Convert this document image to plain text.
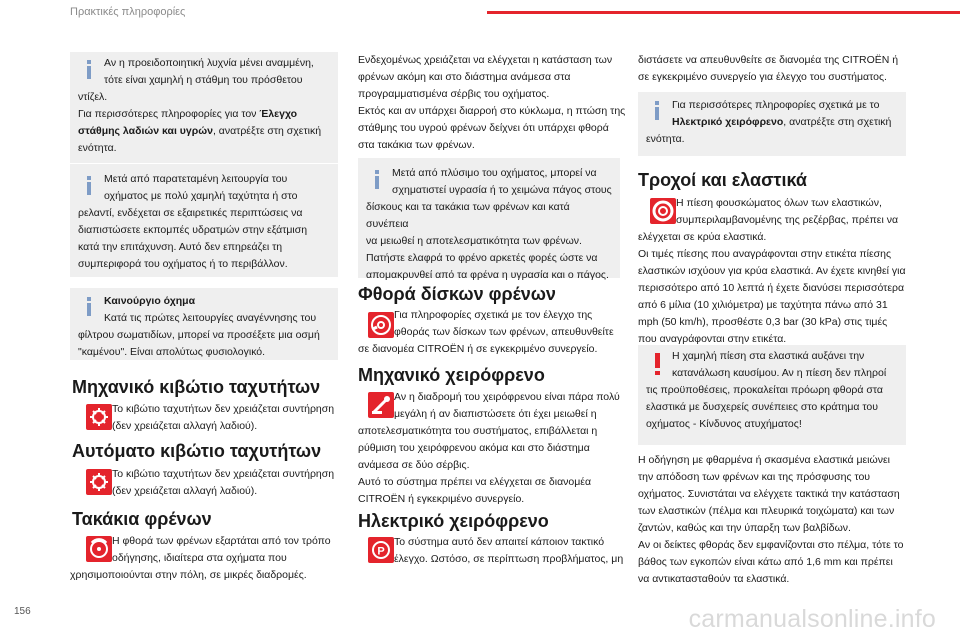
Πρακτικές πληροφορίες
156
Αν η προειδοποιητική λυχνία μένει αναμμένη,
τότε είναι χαμηλή η στάθμη του πρόσθετου
ντίζελ.
Για περισσότερες πληροφορίες για τον Έλεγχο
στάθμης λαδιών και υγρών, ανατρέξτε στη σχετική
ενότητα.
Μετά από παρατεταμένη λειτουργία του
οχήματος με πολύ χαμηλή ταχύτητα ή στο
ρελαντί, ενδέχεται σε εξαιρετικές περιπτώσεις να
διαπιστώσετε εκπομπές υδρατμών στην εξάτμιση
κατά την επιτάχυνση. Αυτό δεν επηρεάζει τη
συμπεριφορά του οχήματος ή το περιβάλλον.
Καινούργιο όχημα
Κατά τις πρώτες λειτουργίες αναγέννησης του
φίλτρου σωματιδίων, μπορεί να προσέξετε μια οσμή
"καμένου". Είναι απολύτως φυσιολογικό.
Μηχανικό κιβώτιο ταχυτήτων
Το κιβώτιο ταχυτήτων δεν χρειάζεται συντήρηση
(δεν χρειάζεται αλλαγή λαδιού).
Αυτόματο κιβώτιο ταχυτήτων
Το κιβώτιο ταχυτήτων δεν χρειάζεται συντήρηση
(δεν χρειάζεται αλλαγή λαδιού).
Τακάκια φρένων
Η φθορά των φρένων εξαρτάται από τον τρόπο
οδήγησης, ιδιαίτερα στα οχήματα που
χρησιμοποιούνται στην πόλη, σε μικρές διαδρομές.
Ενδεχομένως χρειάζεται να ελέγχεται η κατάσταση των
φρένων ακόμη και στο διάστημα ανάμεσα στα
προγραμματισμένα σέρβις του οχήματος.
Εκτός και αν υπάρχει διαρροή στο κύκλωμα, η πτώση της
στάθμης του υγρού φρένων δείχνει ότι υπάρχει φθορά
στα τακάκια των φρένων.
Μετά από πλύσιμο του οχήματος, μπορεί να
σχηματιστεί υγρασία ή το χειμώνα πάγος στους
δίσκους και τα τακάκια των φρένων και κατά συνέπεια
να μειωθεί η αποτελεσματικότητα των φρένων.
Πατήστε ελαφρά το φρένο αρκετές φορές ώστε να
απομακρυνθεί από τα φρένα η υγρασία και ο πάγος.
Φθορά δίσκων φρένων
Για πληροφορίες σχετικά με τον έλεγχο της
φθοράς των δίσκων των φρένων, απευθυνθείτε
σε διανομέα CITROËN ή σε εγκεκριμένο συνεργείο.
Μηχανικό χειρόφρενο
Αν η διαδρομή του χειρόφρενου είναι πάρα πολύ
μεγάλη ή αν διαπιστώσετε ότι έχει μειωθεί η
αποτελεσματικότητα του συστήματος, επιβάλλεται η
ρύθμιση του χειρόφρενου ακόμα και στο διάστημα
ανάμεσα σε δύο σέρβις.
Αυτό το σύστημα πρέπει να ελέγχεται σε διανομέα
CITROËN ή εγκεκριμένο συνεργείο.
Ηλεκτρικό χειρόφρενο
P
Το σύστημα αυτό δεν απαιτεί κάποιον τακτικό
έλεγχο. Ωστόσο, σε περίπτωση προβλήματος, μη
διστάσετε να απευθυνθείτε σε διανομέα της CITROËN ή
σε εγκεκριμένο συνεργείο για έλεγχο του συστήματος.
Για περισσότερες πληροφορίες σχετικά με το
Ηλεκτρικό χειρόφρενο, ανατρέξτε στη σχετική
ενότητα.
Τροχοί και ελαστικά
Η πίεση φουσκώματος όλων των ελαστικών,
συμπεριλαμβανομένης της ρεζέρβας, πρέπει να
ελέγχεται σε κρύα ελαστικά.
Οι τιμές πίεσης που αναγράφονται στην ετικέτα πίεσης
ελαστικών ισχύουν για κρύα ελαστικά. Αν έχετε κινηθεί για
περισσότερο από 10 λεπτά ή έχετε διανύσει περισσότερα
από 6 μίλια (10 χιλιόμετρα) με ταχύτητα πάνω από 31
mph (50 km/h), προσθέστε 0,3 bar (30 kPa) στις τιμές
που αναγράφονται στην ετικέτα.
Η χαμηλή πίεση στα ελαστικά αυξάνει την
κατανάλωση καυσίμου. Αν η πίεση δεν πληροί
τις προϋποθέσεις, προκαλείται πρόωρη φθορά στα
ελαστικά με δυσχερείς συνέπειες στο κράτημα του
οχήματος - Κίνδυνος ατυχήματος!
Η οδήγηση με φθαρμένα ή σκασμένα ελαστικά μειώνει
την απόδοση των φρένων και της πρόσφυσης του
οχήματος. Συνιστάται να ελέγχετε τακτικά την κατάσταση
των ελαστικών (πέλμα και πλευρικά τοιχώματα) και των
ζαντών, καθώς και την ύπαρξη των βαλβίδων.
Αν οι δείκτες φθοράς δεν εμφανίζονται στο πέλμα, τότε το
βάθος των εγκοπών είναι κάτω από 1,6 mm και πρέπει
να αντικατασταθούν τα ελαστικά.
carmanualsonline.info
